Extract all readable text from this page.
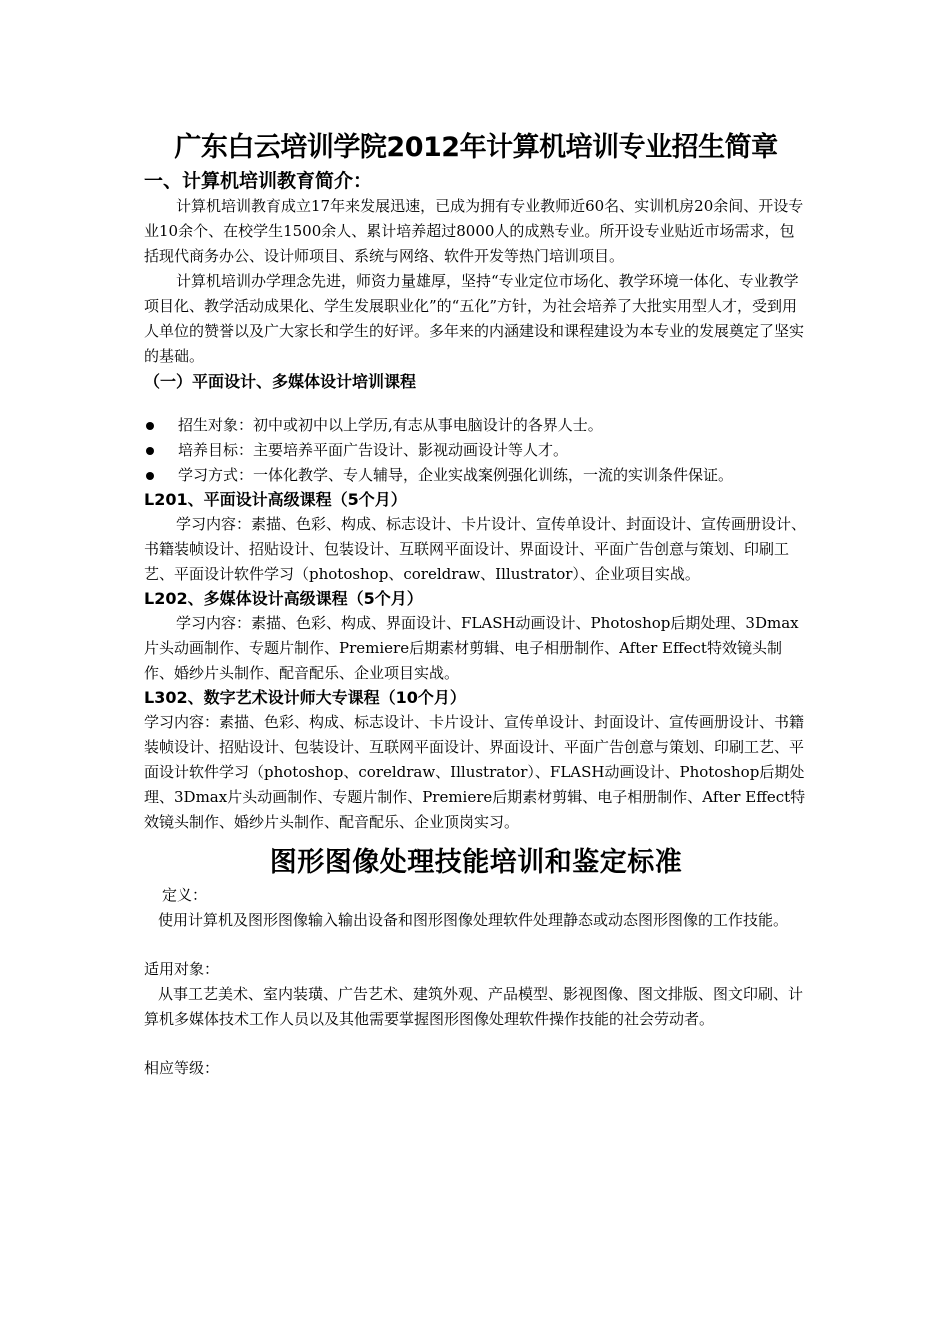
广东白云培训学院2012年计算机培训专业招生简章
一、计算机培训教育简介：

计算机培训教育成立17年来发展迅速，已成为拥有专业教师近60名、实训机房20余间、开设专业10余个、在校学生1500余人、累计培养超过8000人的成熟专业。所开设专业贴近市场需求，包括现代商务办公、设计师项目、系统与网络、软件开发等热门培训项目。

计算机培训办学理念先进，师资力量雄厚，坚持“专业定位市场化、教学环境一体化、专业教学项目化、教学活动成果化、学生发展职业化”的“五化”方针，为社会培养了大批实用型人才，受到用人单位的赞誉以及广大家长和学生的好评。多年来的内涵建设和课程建设为本专业的发展奠定了坚实的基础。

（一）平面设计、多媒体设计培训课程
招生对象：初中或初中以上学历,有志从事电脑设计的各界人士。
培养目标：主要培养平面广告设计、影视动画设计等人才。
学习方式：一体化教学、专人辅导，企业实战案例强化训练，一流的实训条件保证。
L201、平面设计高级课程（5个月）

学习内容：素描、色彩、构成、标志设计、卡片设计、宣传单设计、封面设计、宣传画册设计、书籍装帧设计、招贴设计、包装设计、互联网平面设计、界面设计、平面广告创意与策划、印刷工艺、平面设计软件学习（photoshop、coreldraw、Illustrator）、企业项目实战。

L202、多媒体设计高级课程（5个月）

学习内容：素描、色彩、构成、界面设计、FLASH动画设计、Photoshop后期处理、3Dmax片头动画制作、专题片制作、Premiere后期素材剪辑、电子相册制作、After Effect特效镜头制作、婚纱片头制作、配音配乐、企业项目实战。

L302、数字艺术设计师大专课程（10个月）

学习内容：素描、色彩、构成、标志设计、卡片设计、宣传单设计、封面设计、宣传画册设计、书籍装帧设计、招贴设计、包装设计、互联网平面设计、界面设计、平面广告创意与策划、印刷工艺、平面设计软件学习（photoshop、coreldraw、Illustrator）、FLASH动画设计、Photoshop后期处理、3Dmax片头动画制作、专题片制作、Premiere后期素材剪辑、电子相册制作、After Effect特效镜头制作、婚纱片头制作、配音配乐、企业顶岗实习。

图形图像处理技能培训和鉴定标准

定义：

使用计算机及图形图像输入输出设备和图形图像处理软件处理静态或动态图形图像的工作技能。

适用对象：

从事工艺美术、室内装璜、广告艺术、建筑外观、产品模型、影视图像、图文排版、图文印刷、计算机多媒体技术工作人员以及其他需要掌握图形图像处理软件操作技能的社会劳动者。

相应等级：
